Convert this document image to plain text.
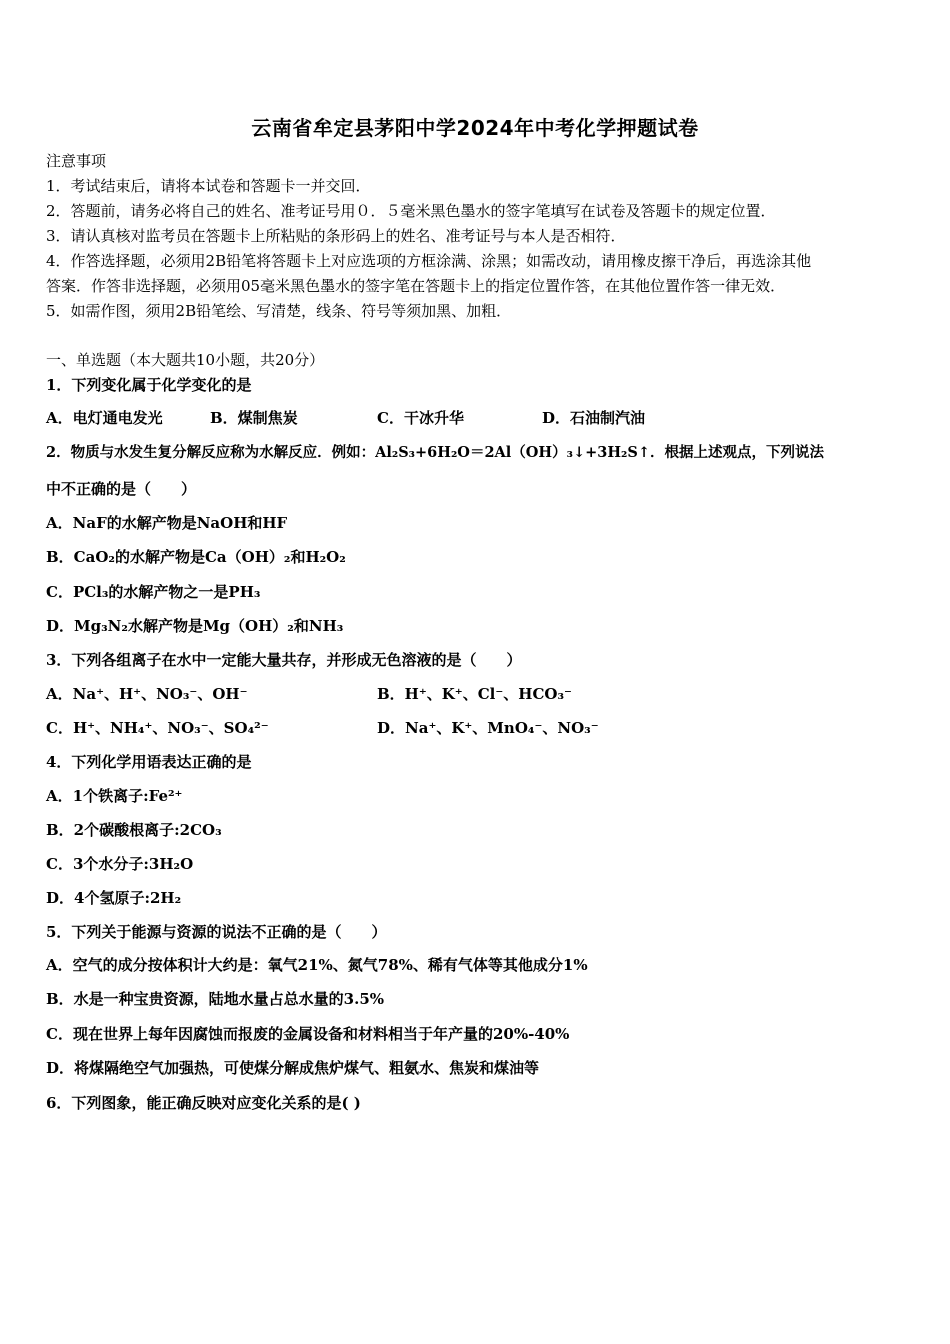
云南省牟定县茅阳中学2024年中考化学押题试卷
注意事项
1．考试结束后，请将本试卷和答题卡一并交回．
2．答题前，请务必将自己的姓名、准考证号用０．５毫米黑色墨水的签字笔填写在试卷及答题卡的规定位置．
3．请认真核对监考员在答题卡上所粘贴的条形码上的姓名、准考证号与本人是否相符．
4．作答选择题，必须用2B铅笔将答题卡上对应选项的方框涂满、涂黑；如需改动，请用橡皮擦干净后，再选涂其他
答案．作答非选择题，必须用05毫米黑色墨水的签字笔在答题卡上的指定位置作答，在其他位置作答一律无效．
5．如需作图，须用2B铅笔绘、写清楚，线条、符号等须加黑、加粗．
一、单选题（本大题共10小题，共20分）
1．下列变化属于化学变化的是
A．电灯通电发光	B．煤制焦炭	C．干冰升华	D．石油制汽油
2．物质与水发生复分解反应称为水解反应．例如：Al₂S₃+6H₂O＝2Al（OH）₃↓+3H₂S↑．根据上述观点，下列说法
中不正确的是（　　）
A．NaF的水解产物是NaOH和HF
B．CaO₂的水解产物是Ca（OH）₂和H₂O₂
C．PCl₃的水解产物之一是PH₃
D．Mg₃N₂水解产物是Mg（OH）₂和NH₃
3．下列各组离子在水中一定能大量共存，并形成无色溶液的是（　　）
A．Na⁺、H⁺、NO₃⁻、OH⁻	B．H⁺、K⁺、Cl⁻、HCO₃⁻
C．H⁺、NH₄⁺、NO₃⁻、SO₄²⁻	D．Na⁺、K⁺、MnO₄⁻、NO₃⁻
4．下列化学用语表达正确的是
A．1个铁离子:Fe²⁺
B．2个碳酸根离子:2CO₃
C．3个水分子:3H₂O
D．4个氢原子:2H₂
5．下列关于能源与资源的说法不正确的是（　　）
A．空气的成分按体积计大约是：氧气21%、氮气78%、稀有气体等其他成分1%
B．水是一种宝贵资源，陆地水量占总水量的3.5%
C．现在世界上每年因腐蚀而报废的金属设备和材料相当于年产量的20%-40%
D．将煤隔绝空气加强热，可使煤分解成焦炉煤气、粗氨水、焦炭和煤油等
6．下列图象，能正确反映对应变化关系的是( )
